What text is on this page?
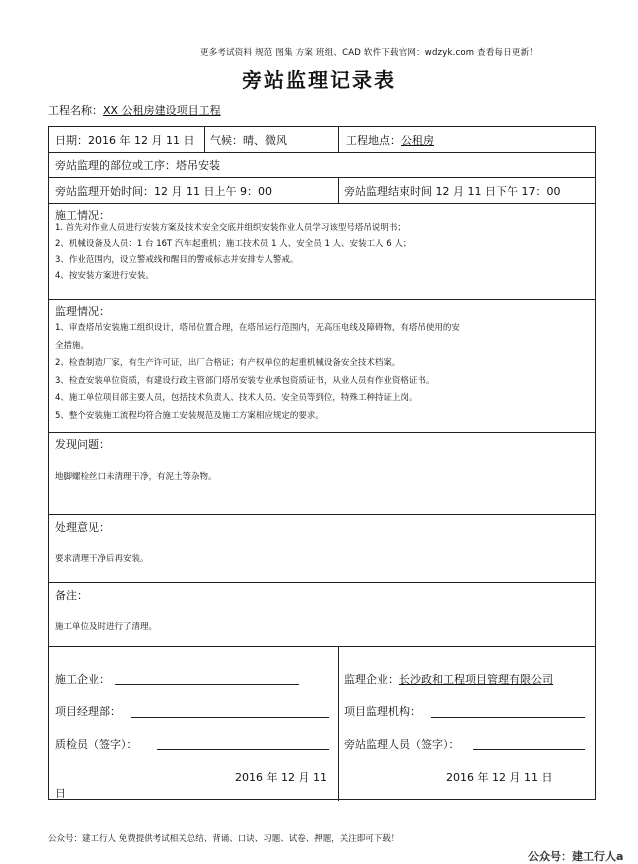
更多考试资料 规范 图集 方案 班组、CAD 软件下载官网：wdzyk.com 查看每日更新！
旁站监理记录表
工程名称：XX 公租房建设项目工程
日期：2016 年 12 月 11 日 气候：晴、微风	工程地点：公租房
旁站监理的部位或工序：塔吊安装
旁站监理开始时间：12 月 11 日上午 9：00	旁站监理结束时间 12 月 11 日下午 17：00
施工情况：
1. 首先对作业人员进行安装方案及技术安全交底并组织安装作业人员学习该型号塔吊说明书；
2、机械设备及人员：1 台 16T 汽车起重机；施工技术员 1 人、安全员 1 人、安装工人 6 人；
3、作业范围内，设立警戒线和醒目的警戒标志并安排专人警戒。
4、按安装方案进行安装。
监理情况：
1、审查塔吊安装施工组织设计，塔吊位置合理，在塔吊运行范围内，无高压电线及障碍物，有塔吊使用的安
全措施。
2、检查制造厂家，有生产许可证，出厂合格证；有产权单位的起重机械设备安全技术档案。
3、检查安装单位资质，有建设行政主管部门塔吊安装专业承包资质证书，从业人员有作业资格证书。
4、施工单位项目部主要人员，包括技术负责人、技术人员、安全员等到位，特殊工种持证上岗。
5、整个安装施工流程均符合施工安装规范及施工方案相应规定的要求。
发现问题：
地脚螺栓丝口未清理干净，有泥土等杂物。
处理意见：
要求清理干净后再安装。
备注：
施工单位及时进行了清理。
施工企业：
项目经理部：
质检员（签字）：
2016 年 12 月 11
日
监理企业：长沙政和工程项目管理有限公司
项目监理机构：
旁站监理人员（签字）：
2016 年 12 月 11 日
公众号：建工行人 免费提供考试相关总结、背诵、口诀、习题、试卷、押题，关注即可下载！
公众号：建工行人a
